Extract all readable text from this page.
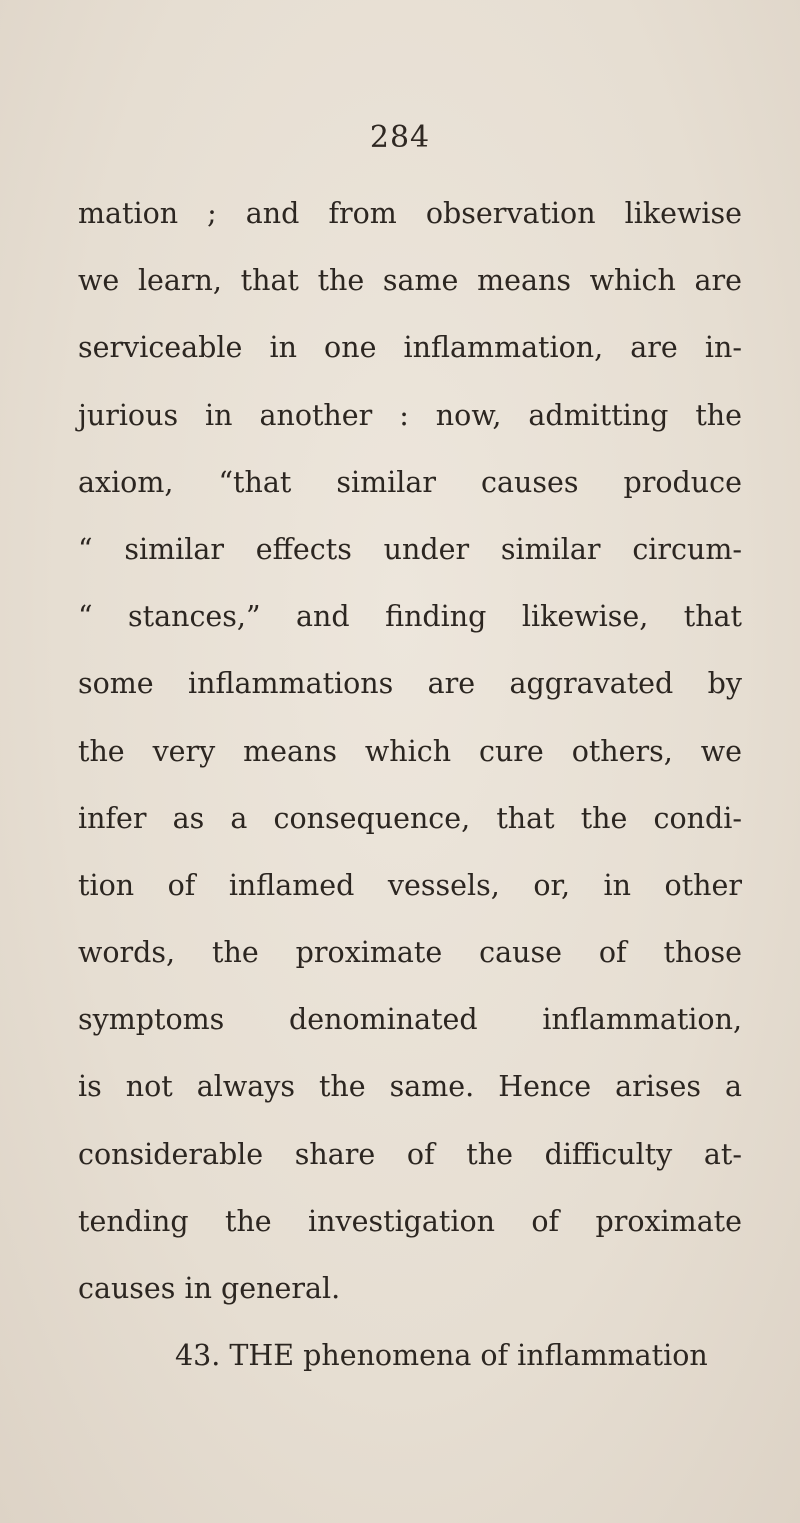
284
mation ; and from observation likewise
we learn, that the same means which are
serviceable in one inflammation, are in-
jurious in another : now, admitting the
axiom, “that similar causes produce
“ similar effects under similar circum-
“ stances,” and finding likewise, that
some inflammations are aggravated by
the very means which cure others, we
infer as a consequence, that the condi-
tion of inflamed vessels, or, in other
words, the proximate cause of those
symptoms denominated inflammation,
is not always the same. Hence arises a
considerable share of the difficulty at-
tending the investigation of proximate
causes in general.
43. THE phenomena of inflammation
